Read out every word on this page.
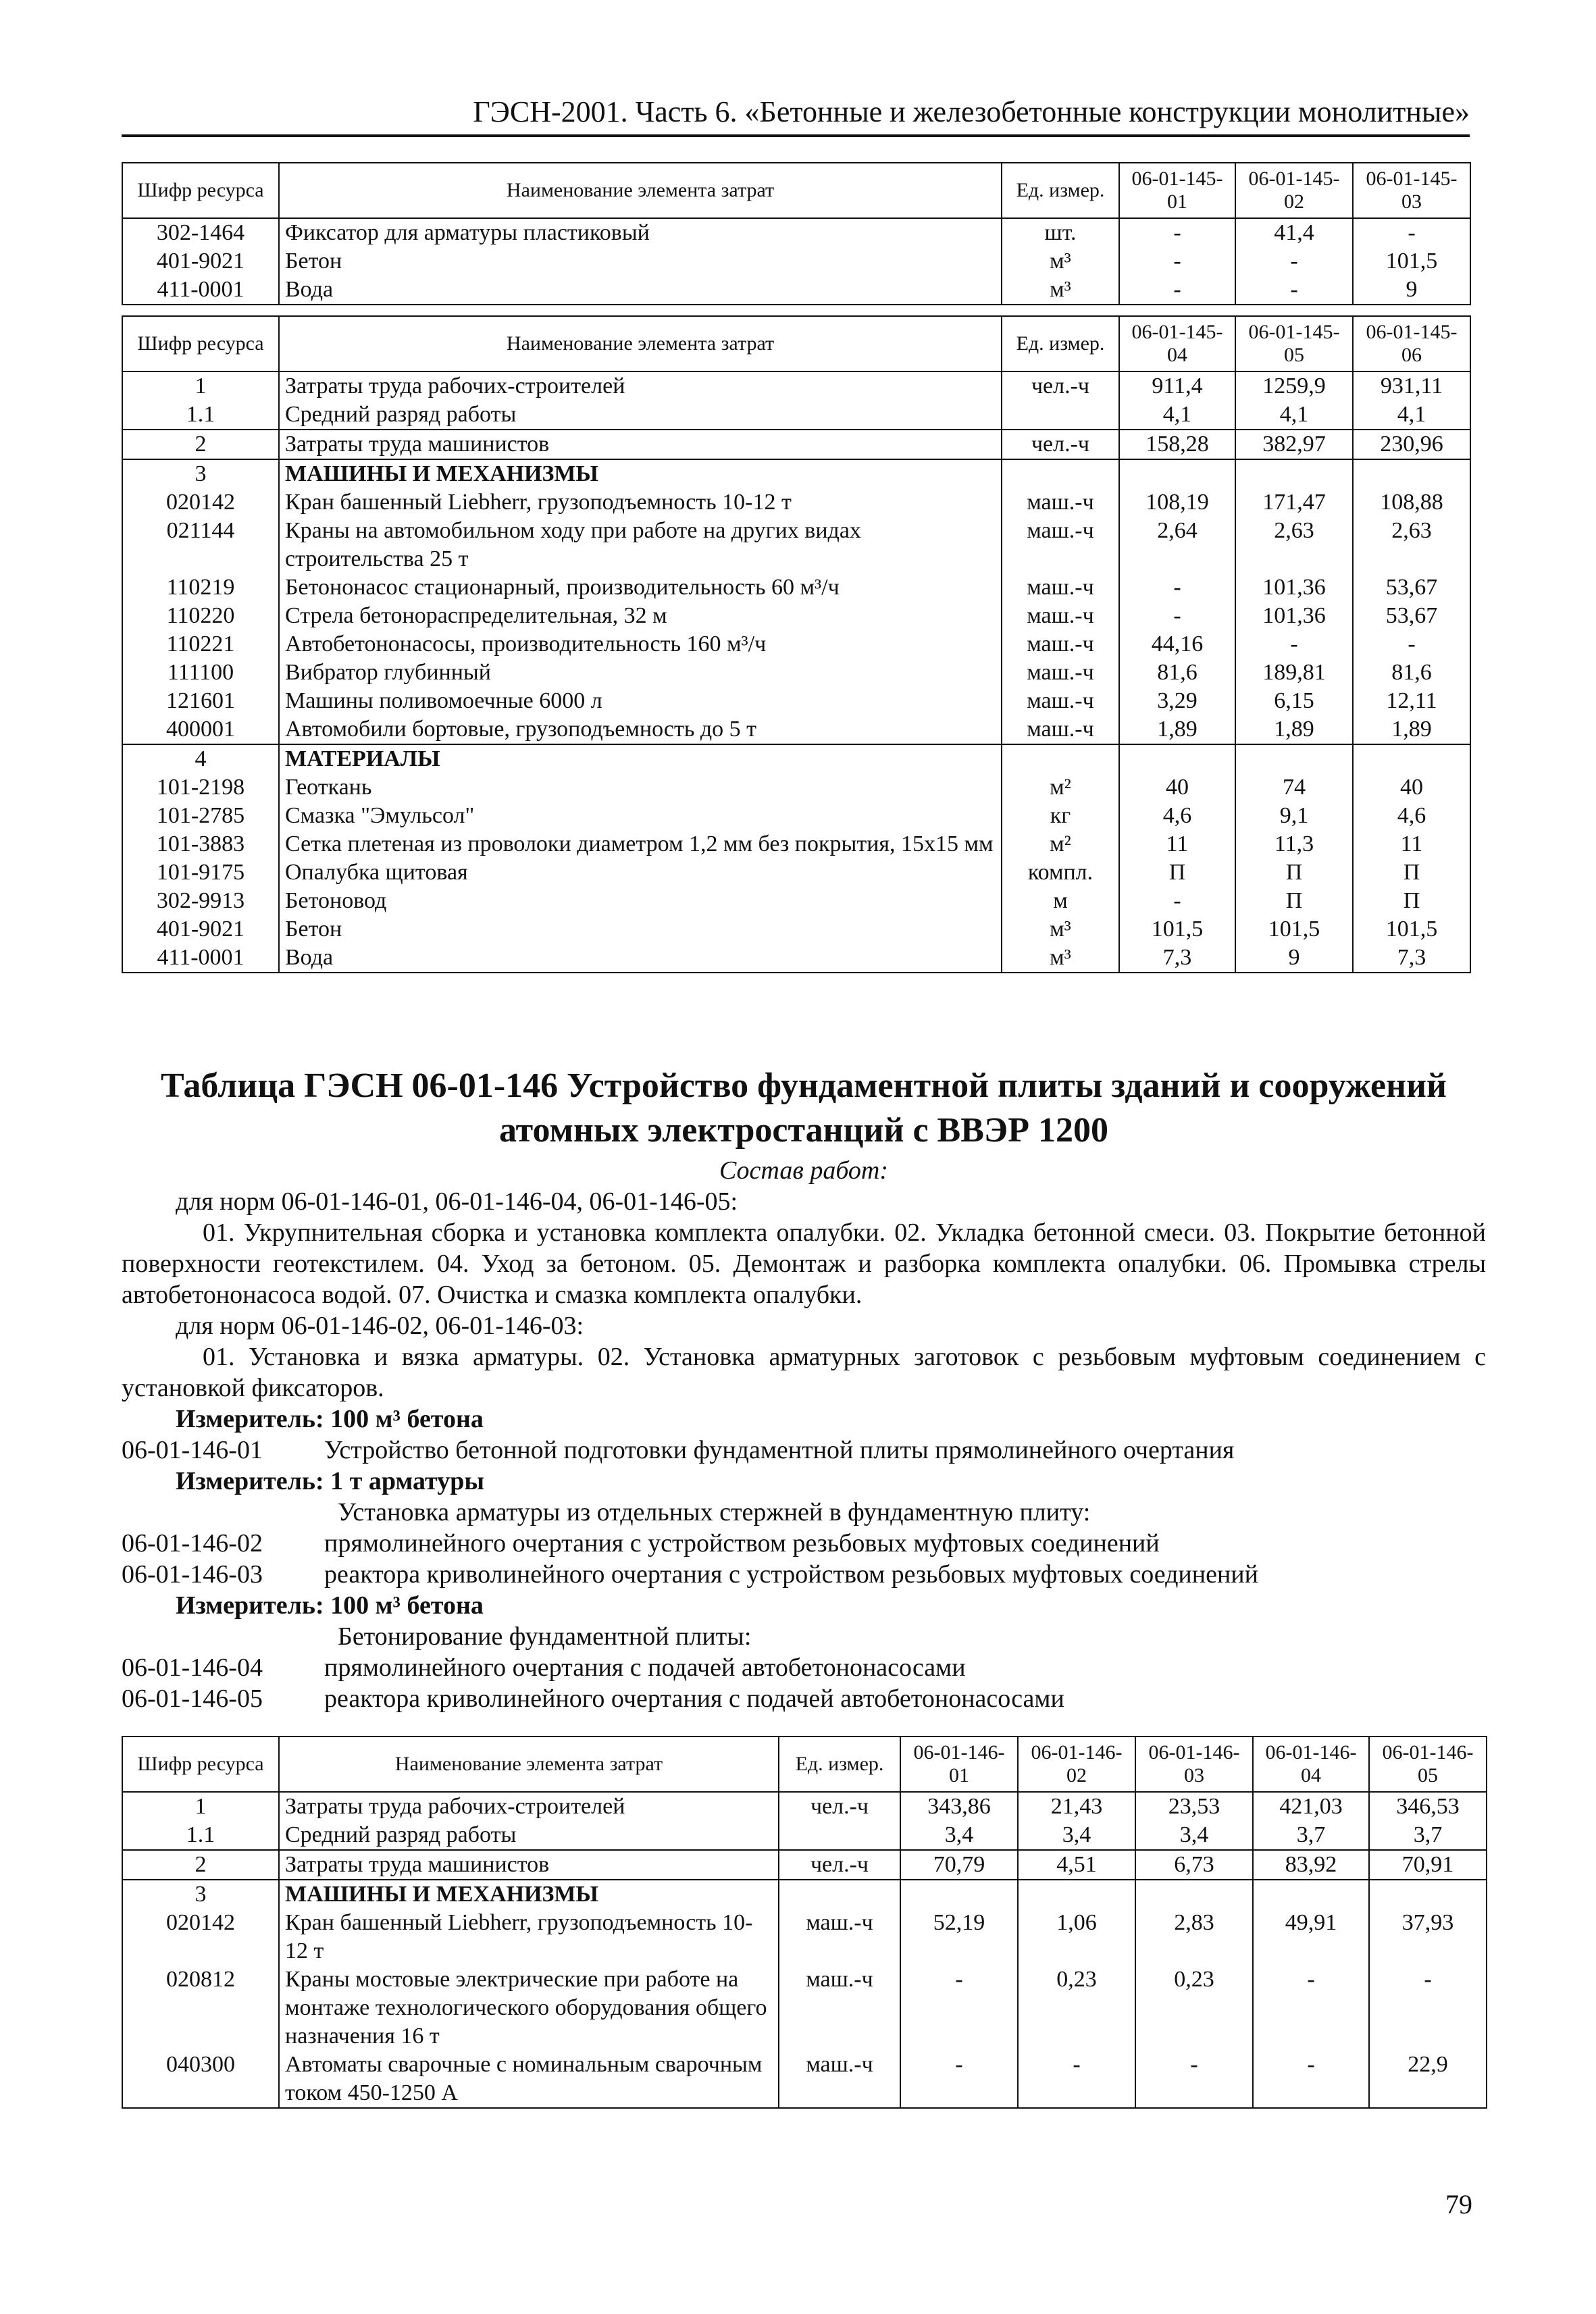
ГЭСН-2001. Часть 6. «Бетонные и железобетонные конструкции монолитные»
Шифр ресурса	Наименование элемента затрат	Ед. измер.	06-01-145-01	06-01-145-02	06-01-145-03
302-1464	Фиксатор для арматуры пластиковый	шт.	-	41,4	-
401-9021	Бетон	м³	-	-	101,5
411-0001	Вода	м³	-	-	9
Шифр ресурса	Наименование элемента затрат	Ед. измер.	06-01-145-04	06-01-145-05	06-01-145-06
1	Затраты труда рабочих-строителей	чел.-ч	911,4	1259,9	931,11
1.1	Средний разряд работы		4,1	4,1	4,1
2	Затраты труда машинистов	чел.-ч	158,28	382,97	230,96
3	МАШИНЫ И МЕХАНИЗМЫ				
020142	Кран башенный Liebherr, грузоподъемность 10-12 т	маш.-ч	108,19	171,47	108,88
021144	Краны на автомобильном ходу при работе на других видах строительства 25 т	маш.-ч	2,64	2,63	2,63
110219	Бетононасос стационарный, производительность 60 м³/ч	маш.-ч	-	101,36	53,67
110220	Стрела бетонораспределительная, 32 м	маш.-ч	-	101,36	53,67
110221	Автобетононасосы, производительность 160 м³/ч	маш.-ч	44,16	-	-
111100	Вибратор глубинный	маш.-ч	81,6	189,81	81,6
121601	Машины поливомоечные 6000 л	маш.-ч	3,29	6,15	12,11
400001	Автомобили бортовые, грузоподъемность до 5 т	маш.-ч	1,89	1,89	1,89
4	МАТЕРИАЛЫ				
101-2198	Геоткань	м²	40	74	40
101-2785	Смазка "Эмульсол"	кг	4,6	9,1	4,6
101-3883	Сетка плетеная из проволоки диаметром 1,2 мм без покрытия, 15х15 мм	м²	11	11,3	11
101-9175	Опалубка щитовая	компл.	П	П	П
302-9913	Бетоновод	м	-	П	П
401-9021	Бетон	м³	101,5	101,5	101,5
411-0001	Вода	м³	7,3	9	7,3
Таблица ГЭСН 06-01-146 Устройство фундаментной плиты зданий и сооружений атомных электростанций с ВВЭР 1200

Состав работ:

для норм 06-01-146-01, 06-01-146-04, 06-01-146-05:

01. Укрупнительная сборка и установка комплекта опалубки. 02. Укладка бетонной смеси. 03. Покрытие бетонной поверхности геотекстилем. 04. Уход за бетоном. 05. Демонтаж и разборка комплекта опалубки. 06. Промывка стрелы автобетононасоса водой. 07. Очистка и смазка комплекта опалубки.

для норм 06-01-146-02, 06-01-146-03:

01. Установка и вязка арматуры. 02. Установка арматурных заготовок с резьбовым муфтовым соединением с установкой фиксаторов.

Измеритель: 100 м³ бетона

06-01-146-01	Устройство бетонной подготовки фундаментной плиты прямолинейного очертания

Измеритель: 1 т арматуры

Установка арматуры из отдельных стержней в фундаментную плиту:

06-01-146-02	прямолинейного очертания с устройством резьбовых муфтовых соединений
06-01-146-03	реактора криволинейного очертания с устройством резьбовых муфтовых соединений

Измеритель: 100 м³ бетона

Бетонирование фундаментной плиты:

06-01-146-04	прямолинейного очертания с подачей автобетононасосами
06-01-146-05	реактора криволинейного очертания с подачей автобетононасосами
Шифр ресурса	Наименование элемента затрат	Ед. измер.	06-01-146-01	06-01-146-02	06-01-146-03	06-01-146-04	06-01-146-05
1	Затраты труда рабочих-строителей	чел.-ч	343,86	21,43	23,53	421,03	346,53
1.1	Средний разряд работы		3,4	3,4	3,4	3,7	3,7
2	Затраты труда машинистов	чел.-ч	70,79	4,51	6,73	83,92	70,91
3	МАШИНЫ И МЕХАНИЗМЫ						
020142	Кран башенный Liebherr, грузоподъемность 10-12 т	маш.-ч	52,19	1,06	2,83	49,91	37,93
020812	Краны мостовые электрические при работе на монтаже технологического оборудования общего назначения 16 т	маш.-ч	-	0,23	0,23	-	-
040300	Автоматы сварочные с номинальным сварочным током 450-1250 А	маш.-ч	-	-	-	-	22,9
79
